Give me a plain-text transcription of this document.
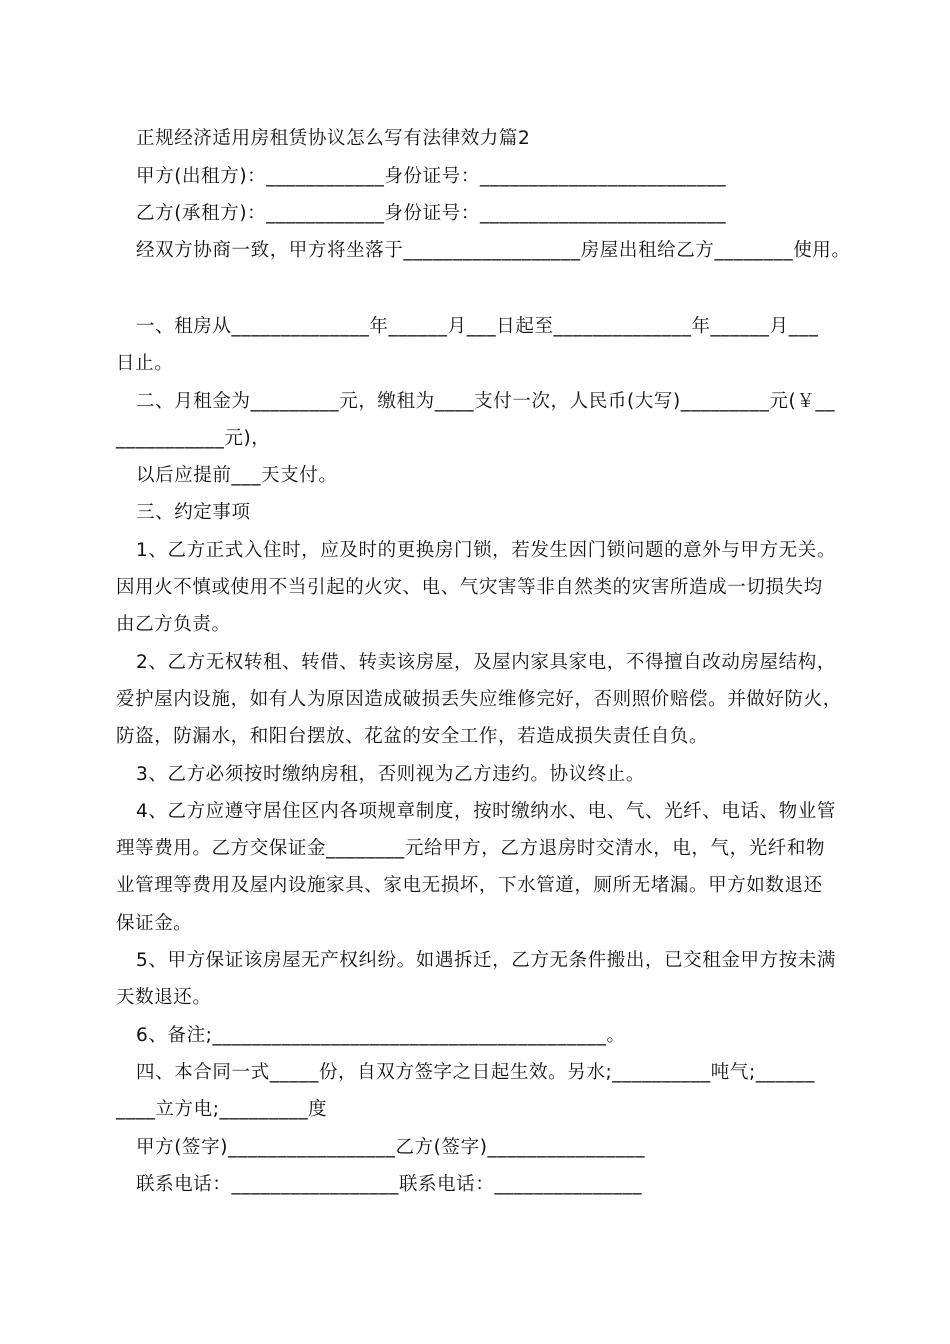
正规经济适用房租赁协议怎么写有法律效力篇2
甲方(出租方)：____________身份证号：_________________________
乙方(承租方)：____________身份证号：_________________________
经双方协商一致，甲方将坐落于__________________房屋出租给乙方________使用。
一、租房从______________年______月___日起至______________年______月___
日止。
二、月租金为_________元，缴租为____支付一次，人民币(大写)_________元(￥__
___________元)，
以后应提前___天支付。
三、约定事项
1、乙方正式入住时，应及时的更换房门锁，若发生因门锁问题的意外与甲方无关。
因用火不慎或使用不当引起的火灾、电、气灾害等非自然类的灾害所造成一切损失均
由乙方负责。
2、乙方无权转租、转借、转卖该房屋，及屋内家具家电，不得擅自改动房屋结构，
爱护屋内设施，如有人为原因造成破损丢失应维修完好，否则照价赔偿。并做好防火，
防盗，防漏水，和阳台摆放、花盆的安全工作，若造成损失责任自负。
3、乙方必须按时缴纳房租，否则视为乙方违约。协议终止。
4、乙方应遵守居住区内各项规章制度，按时缴纳水、电、气、光纤、电话、物业管
理等费用。乙方交保证金________元给甲方，乙方退房时交清水，电，气，光纤和物
业管理等费用及屋内设施家具、家电无损坏，下水管道，厕所无堵漏。甲方如数退还
保证金。
5、甲方保证该房屋无产权纠纷。如遇拆迁，乙方无条件搬出，已交租金甲方按未满
天数退还。
6、备注;________________________________________。
四、本合同一式_____份，自双方签字之日起生效。另水;__________吨气;______
____立方电;_________度
甲方(签字)_________________乙方(签字)________________
联系电话：_________________联系电话：_______________
